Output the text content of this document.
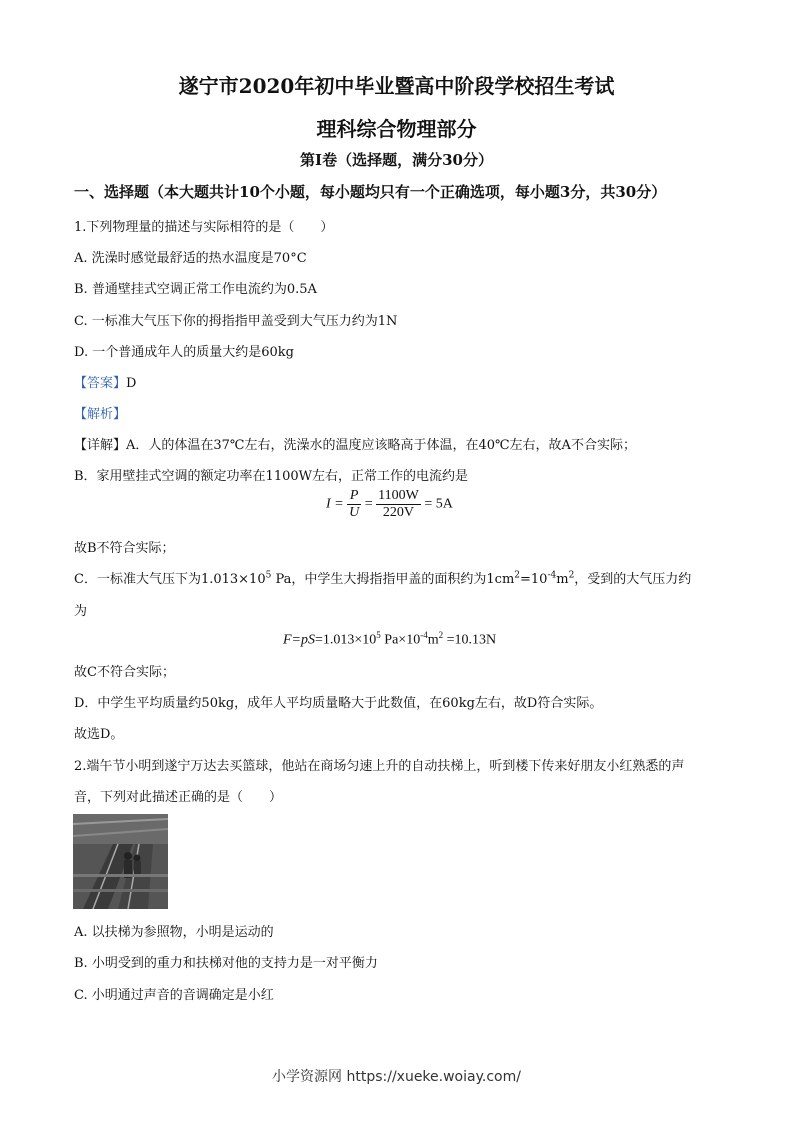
遂宁市2020年初中毕业暨高中阶段学校招生考试
理科综合物理部分
第I卷（选择题，满分30分）
一、选择题（本大题共计10个小题，每小题均只有一个正确选项，每小题3分，共30分）
1.下列物理量的描述与实际相符的是（　　）
A. 洗澡时感觉最舒适的热水温度是70°C
B. 普通壁挂式空调正常工作电流约为0.5A
C. 一标准大气压下你的拇指指甲盖受到大气压力约为1N
D. 一个普通成年人的质量大约是60kg
【答案】D
【解析】
【详解】A．人的体温在37℃左右，洗澡水的温度应该略高于体温，在40℃左右，故A不合实际；
B．家用壁挂式空调的额定功率在1100W左右，正常工作的电流约是
$I = \frac{P}{U} = \frac{1100W}{220V} = 5A$
故B不符合实际；
C．一标准大气压下为$1.013\times 10^5$ Pa，中学生大拇指指甲盖的面积约为$1cm^2=10^{-4}m^2$，受到的大气压力约
为
$F=pS=1.013\times 10^5$ $Pa\times 10^{-4}m^2 =10.13N$
故C不符合实际；
D．中学生平均质量约50kg，成年人平均质量略大于此数值，在60kg左右，故D符合实际。
故选D。
2.端午节小明到遂宁万达去买篮球，他站在商场匀速上升的自动扶梯上，听到楼下传来好朋友小红熟悉的声
音，下列对此描述正确的是（　　）
A. 以扶梯为参照物，小明是运动的
B. 小明受到的重力和扶梯对他的支持力是一对平衡力
C. 小明通过声音的音调确定是小红
小学资源网 https://xueke.woiay.com/
